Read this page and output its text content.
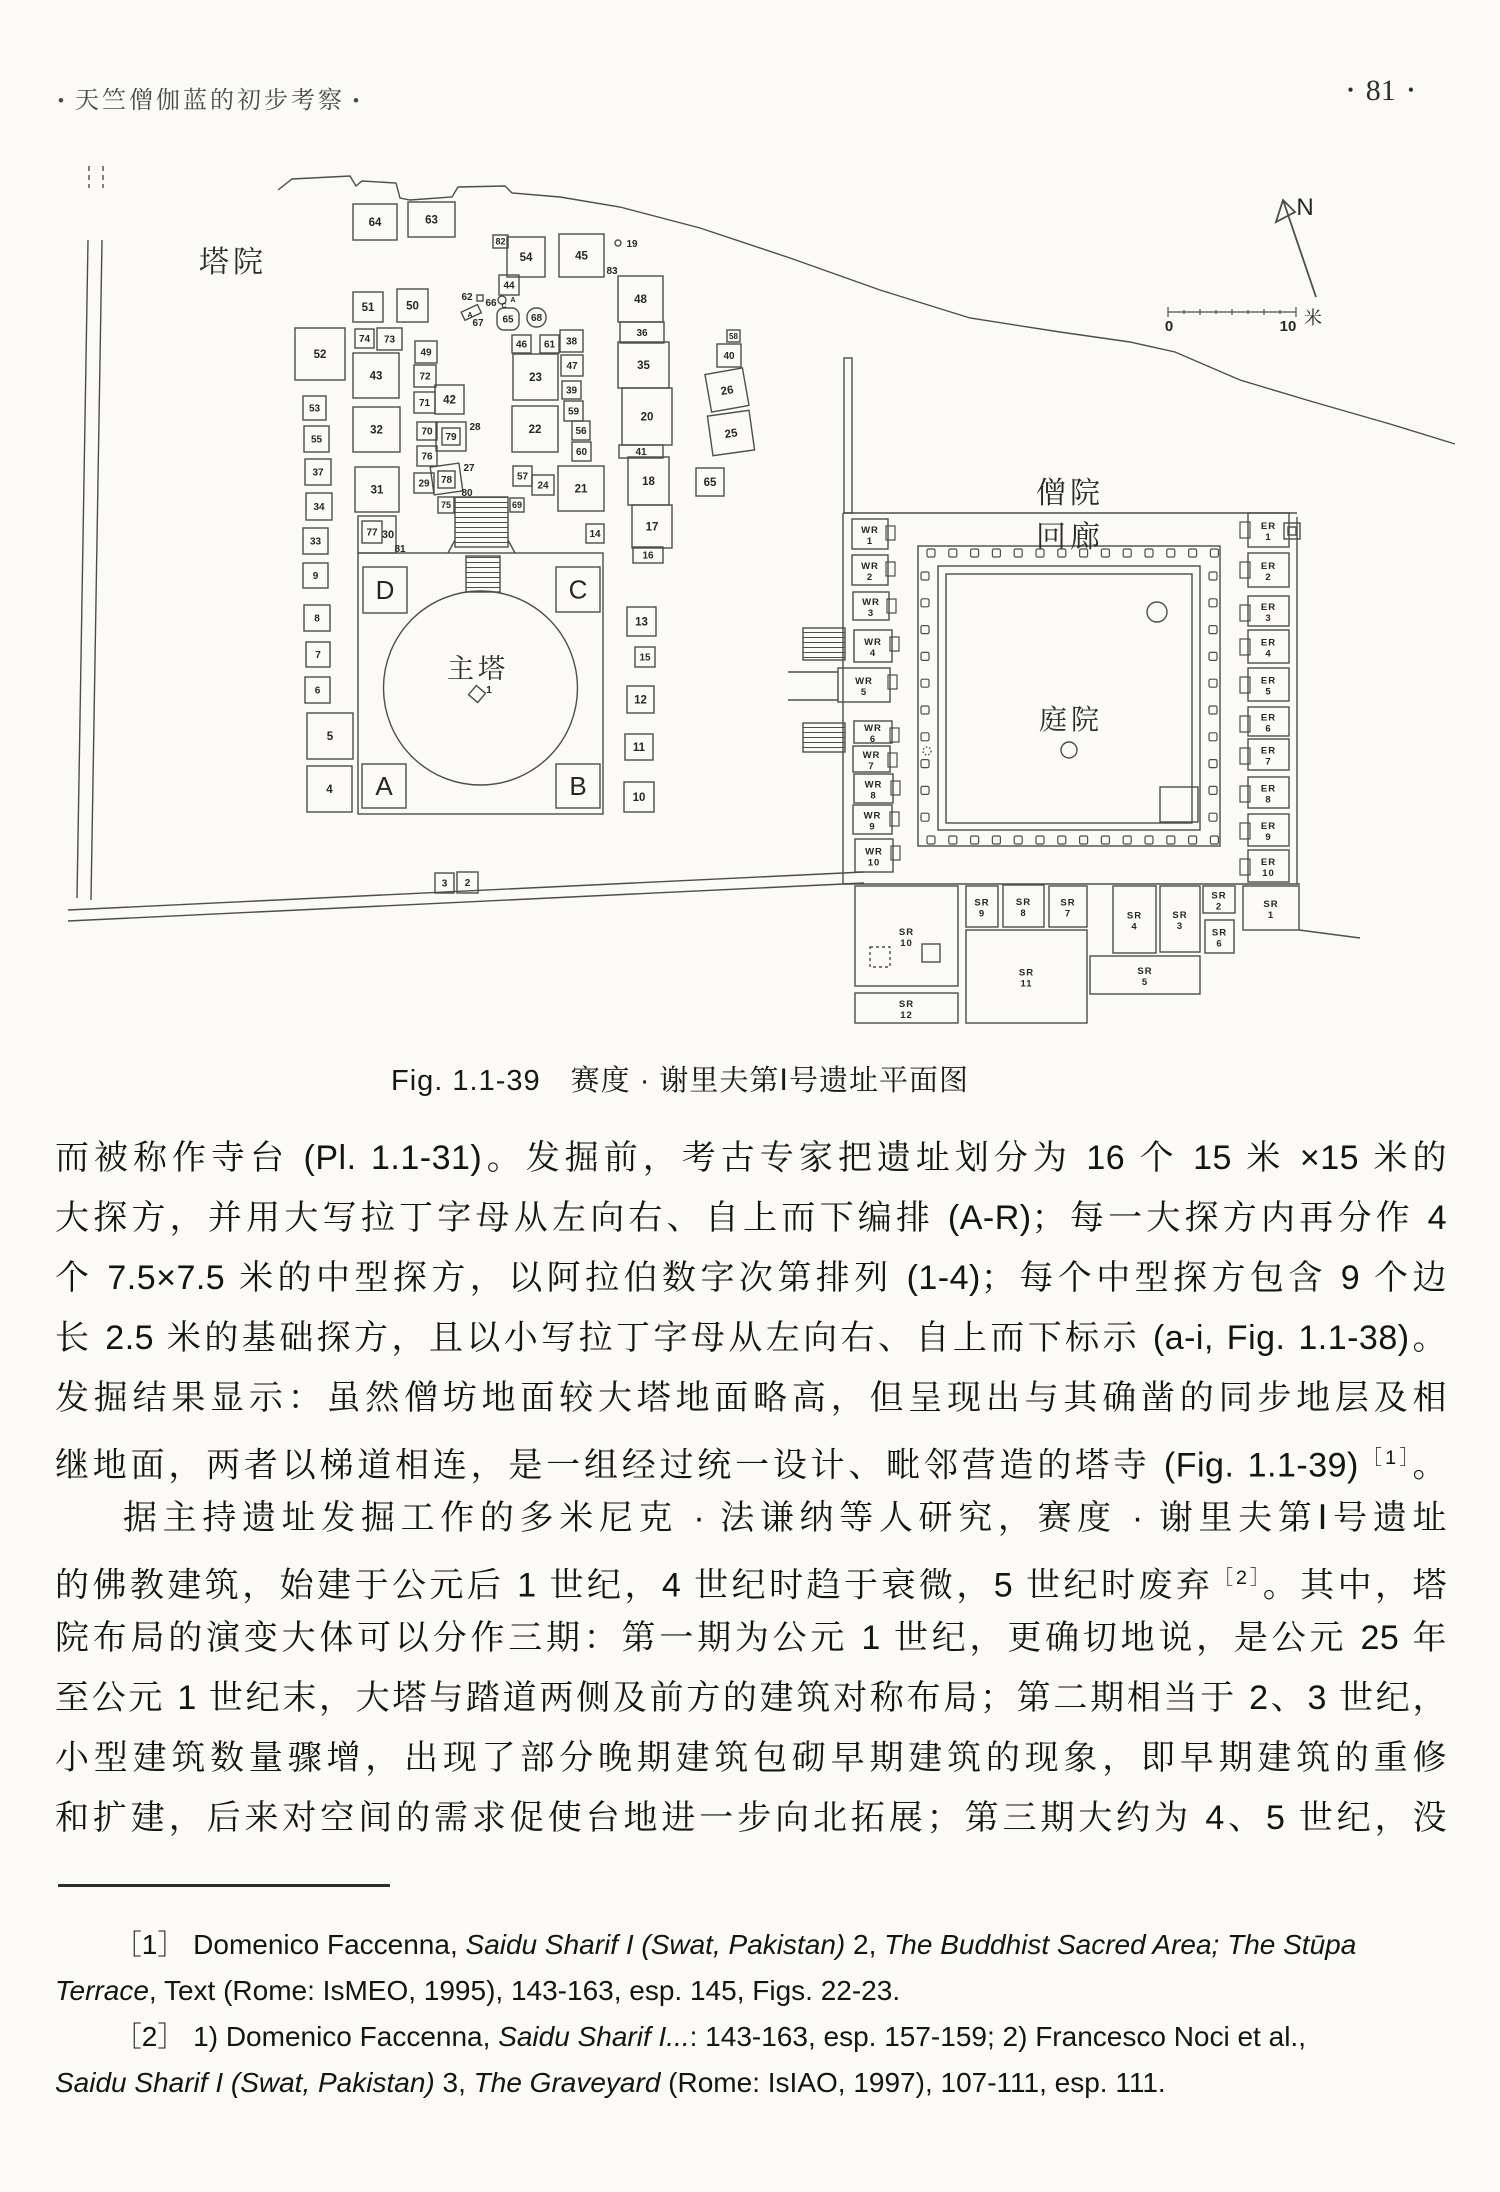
• 天竺僧伽蓝的初步考察 •
• 81 •
64	63
82
54
44
45
51	50
52
74 73
49
43	72
71 42
53
55
32	70 79
76
37
31
29 78
34	75	69
57
24 21
22
23
46 61 38
47
39
59
56
60
33
77	14
9
8
7
6
5
4
13
15
12
11
10
16
17
18
41
20
35
36
48
26
25
40
58
65
65 68
3 2
D	C
A	B
19
83
62
66
67
A
C
A
28
27
80
81
30
1
塔院
僧院
回廊
庭院
主塔
WR 1
WR 2
WR 3
WR 4
WR 5
WR 6
WR 7
WR 8
WR 9
WR 10
ER 1
ER 2
ER 3
ER 4
ER 5
ER 6
ER 7
ER 8
ER 9
ER 10
SR 10
SR 9
SR 8
SR 7	SR 4
SR 3
SR 2	SR 1
SR 11
SR 5
SR 6
SR 12
N
0	10 米
Fig. 1.1-39　赛度 · 谢里夫第Ⅰ号遗址平面图
而被称作寺台 (Pl. 1.1-31)。发掘前，考古专家把遗址划分为 16 个 15 米 ×15 米的
大探方，并用大写拉丁字母从左向右、自上而下编排 (A-R)；每一大探方内再分作 4
个 7.5×7.5 米的中型探方，以阿拉伯数字次第排列 (1-4)；每个中型探方包含 9 个边
长 2.5 米的基础探方，且以小写拉丁字母从左向右、自上而下标示 (a-i, Fig. 1.1-38)。
发掘结果显示：虽然僧坊地面较大塔地面略高，但呈现出与其确凿的同步地层及相
继地面，两者以梯道相连，是一组经过统一设计、毗邻营造的塔寺 (Fig. 1.1-39)$^{[1]}$。
据主持遗址发掘工作的多米尼克 · 法谦纳等人研究，赛度 · 谢里夫第Ⅰ号遗址
的佛教建筑，始建于公元后 1 世纪，4 世纪时趋于衰微，5 世纪时废弃$^{[2]}$。其中，塔
院布局的演变大体可以分作三期：第一期为公元 1 世纪，更确切地说，是公元 25 年
至公元 1 世纪末，大塔与踏道两侧及前方的建筑对称布局；第二期相当于 2、3 世纪，
小型建筑数量骤增，出现了部分晚期建筑包砌早期建筑的现象，即早期建筑的重修
和扩建，后来对空间的需求促使台地进一步向北拓展；第三期大约为 4、5 世纪，没
［1］ Domenico Faccenna, Saidu Sharif I (Swat, Pakistan) 2, The Buddhist Sacred Area; The Stūpa
Terrace, Text (Rome: IsMEO, 1995), 143-163, esp. 145, Figs. 22-23.
［2］ 1) Domenico Faccenna, Saidu Sharif I...: 143-163, esp. 157-159; 2) Francesco Noci et al.,
Saidu Sharif I (Swat, Pakistan) 3, The Graveyard (Rome: IsIAO, 1997), 107-111, esp. 111.
